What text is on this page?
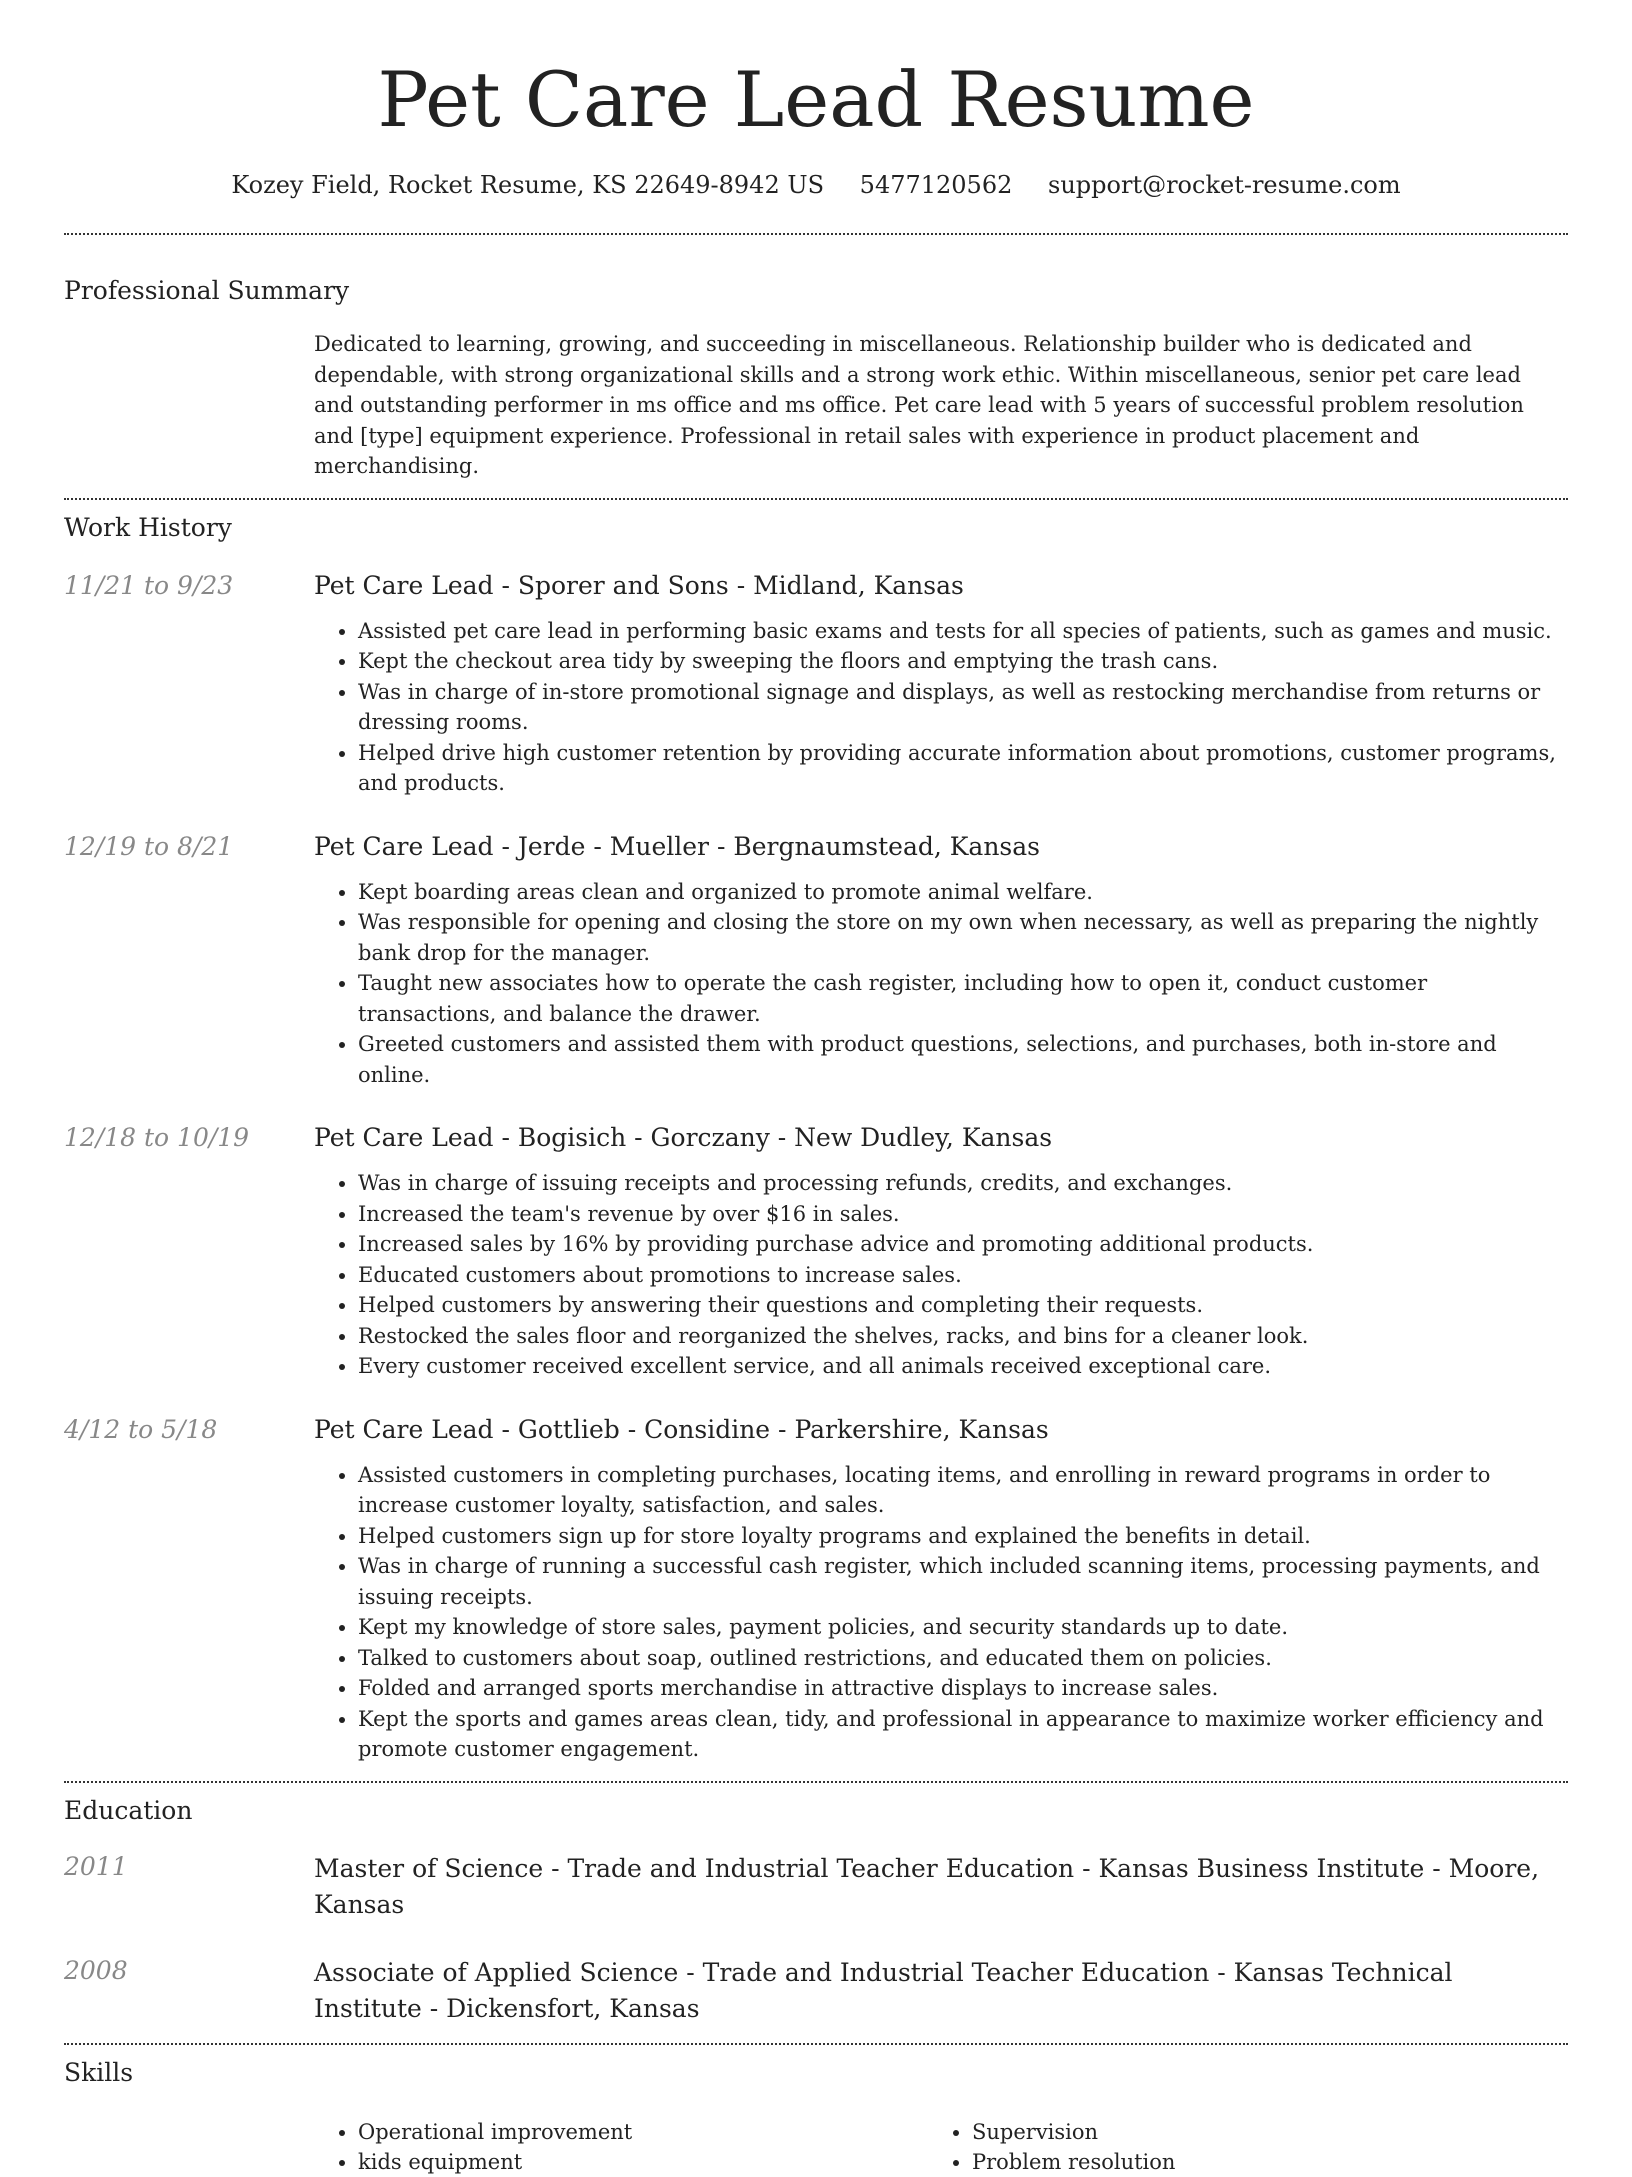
Pet Care Lead Resume
Kozey Field, Rocket Resume, KS 22649-8942 US 5477120562 support@rocket-resume.com
Professional Summary

Dedicated to learning, growing, and succeeding in miscellaneous. Relationship builder who is dedicated and dependable, with strong organizational skills and a strong work ethic. Within miscellaneous, senior pet care lead and outstanding performer in ms office and ms office. Pet care lead with 5 years of successful problem resolution and [type] equipment experience. Professional in retail sales with experience in product placement and merchandising.

Work History
11/21 to 9/23	Pet Care Lead - Sporer and Sons - Midland, Kansas
• Assisted pet care lead in performing basic exams and tests for all species of patients, such as games and music.
• Kept the checkout area tidy by sweeping the floors and emptying the trash cans.
• Was in charge of in-store promotional signage and displays, as well as restocking merchandise from returns or dressing rooms.
• Helped drive high customer retention by providing accurate information about promotions, customer programs, and products.
12/19 to 8/21	Pet Care Lead - Jerde - Mueller - Bergnaumstead, Kansas
• Kept boarding areas clean and organized to promote animal welfare.
• Was responsible for opening and closing the store on my own when necessary, as well as preparing the nightly bank drop for the manager.
• Taught new associates how to operate the cash register, including how to open it, conduct customer transactions, and balance the drawer.
• Greeted customers and assisted them with product questions, selections, and purchases, both in-store and online.
12/18 to 10/19	Pet Care Lead - Bogisich - Gorczany - New Dudley, Kansas
• Was in charge of issuing receipts and processing refunds, credits, and exchanges.
• Increased the team's revenue by over $16 in sales.
• Increased sales by 16% by providing purchase advice and promoting additional products.
• Educated customers about promotions to increase sales.
• Helped customers by answering their questions and completing their requests.
• Restocked the sales floor and reorganized the shelves, racks, and bins for a cleaner look.
• Every customer received excellent service, and all animals received exceptional care.
4/12 to 5/18	Pet Care Lead - Gottlieb - Considine - Parkershire, Kansas
• Assisted customers in completing purchases, locating items, and enrolling in reward programs in order to increase customer loyalty, satisfaction, and sales.
• Helped customers sign up for store loyalty programs and explained the benefits in detail.
• Was in charge of running a successful cash register, which included scanning items, processing payments, and issuing receipts.
• Kept my knowledge of store sales, payment policies, and security standards up to date.
• Talked to customers about soap, outlined restrictions, and educated them on policies.
• Folded and arranged sports merchandise in attractive displays to increase sales.
• Kept the sports and games areas clean, tidy, and professional in appearance to maximize worker efficiency and promote customer engagement.
Education
2011	Master of Science - Trade and Industrial Teacher Education - Kansas Business Institute - Moore, Kansas
2008	Associate of Applied Science - Trade and Industrial Teacher Education - Kansas Technical Institute - Dickensfort, Kansas
Skills
• Operational improvement
• kids equipment
• Supervision
• Problem resolution
